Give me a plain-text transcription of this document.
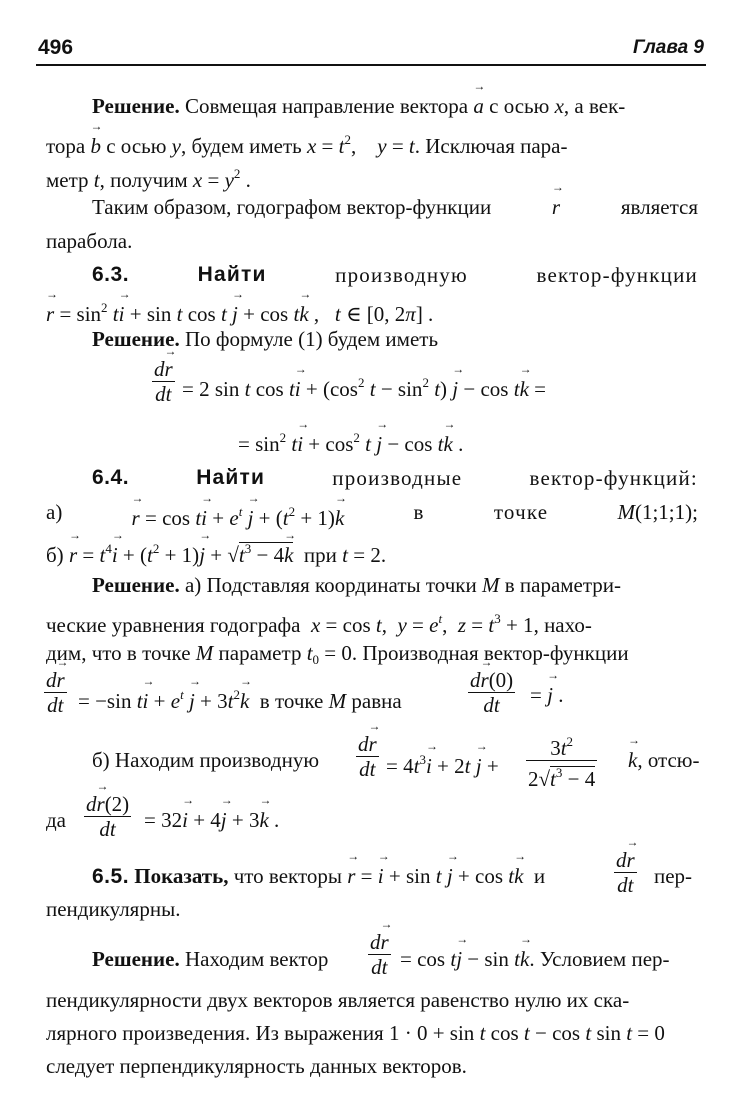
496	Глава 9
Решение. Совмещая направление вектора a → с осью x, а век-
тора b → с осью y, будем иметь $x = t^2$,    y = t. Исключая пара-
метр t, получим $x = y^2$ .
Таким образом, годографом вектор-функции	r →	является
парабола.
6.3.	Найти	производную	вектор-функции
r → = $\sin^2$ ti → + sin t cos t j → + cos tk → ,   t ∈ [0, 2π] .
Решение. По формуле (1) будем иметь
$\frac{dr \to}{dt} = 2$ sin t cos ti → + ($\cos^2$ $t - \sin^2 t$) j → − cos tk → =
= $\sin^2$ ti → + $\cos^2 t$ j → − cos tk → .
6.4.	Найти	производные	вектор-функций:
а)	r → = cos ti → + $e^t$ j → + $(t^2 + 1)k$ →	в	точке	M(1;1;1);
б) r → = $t^4i$ → + $(t^2 + 1)j$ → + $√t^3 - 4k$ → при t = 2.
Решение. а) Подставляя координаты точки M в параметри-
ческие уравнения годографа x = cos t,  $y = e^t$,  $z = t^3 + 1$, нахо-
дим, что в точке M параметр $t_0 = 0$. Производная вектор-функции
$\frac{dr \to}{dt} = -\sin$ ti → + $e^t$ j → + $3t^2k \to в$ точке M равна	$\frac{dr \to(0)}{dt} = j$ → .
б) Находим производную $\frac{dr \to}{dt} = 4t^3i$ → + 2t j → + $\frac{3t^2}{2√t^3 - 4}$ k →, отсю-
да $\frac{dr \to(2)}{dt} = 32i$ → + 4j → + 3k → .
6.5. Показать, что векторы r → = i → + sin t j → + cos tk → и	$\frac{dr \to}{dt} пер-$
пендикулярны.
Решение. Находим вектор $\frac{dr \to}{dt} = \cos$ tj → − sin tk →. Условием пер-
пендикулярности двух векторов является равенство нулю их ска-
лярного произведения. Из выражения 1 · 0 + sin t cos t − cos t sin t = 0
следует перпендикулярность данных векторов.
